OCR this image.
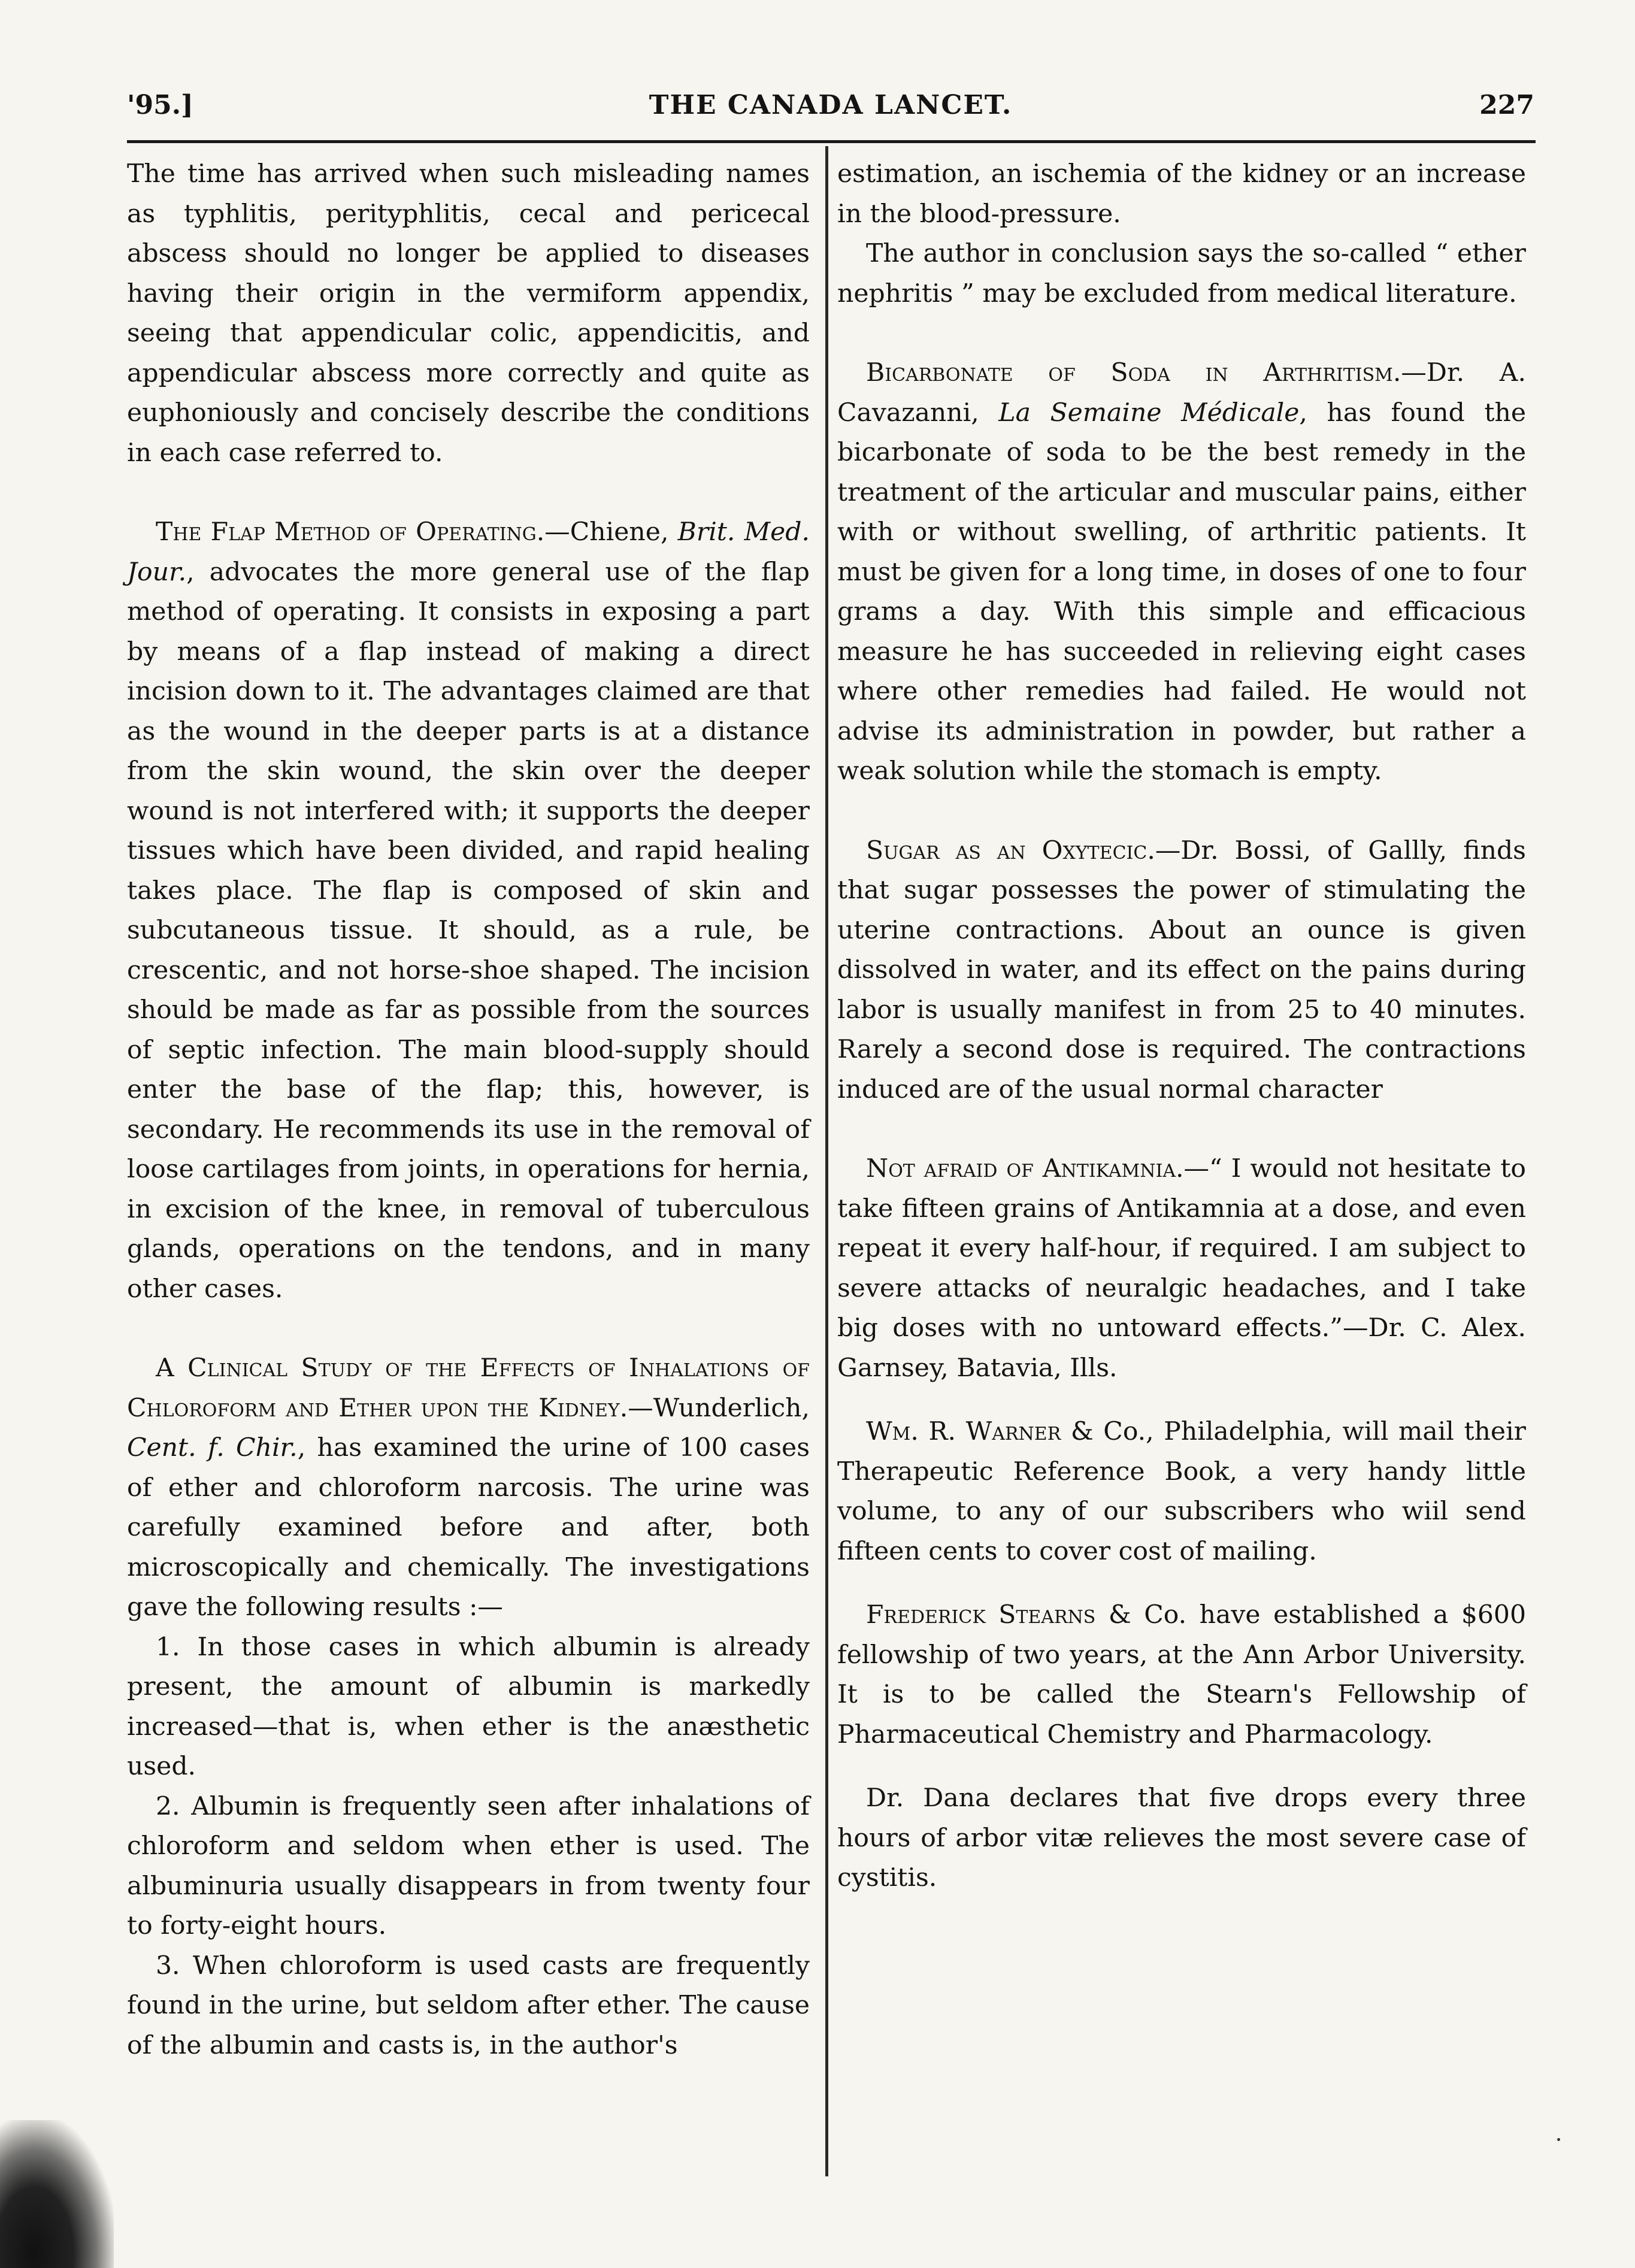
'95.]	THE CANADA LANCET.	227

The time has arrived when such misleading names as typhlitis, perityphlitis, cecal and pericecal abscess should no longer be applied to diseases having their origin in the vermiform appendix, seeing that appendicular colic, appendicitis, and appendicular abscess more correctly and quite as euphoniously and concisely describe the conditions in each case referred to.

The Flap Method of Operating.—Chiene, Brit. Med. Jour., advocates the more general use of the flap method of operating. It consists in exposing a part by means of a flap instead of making a direct incision down to it. The advantages claimed are that as the wound in the deeper parts is at a distance from the skin wound, the skin over the deeper wound is not interfered with; it supports the deeper tissues which have been divided, and rapid healing takes place. The flap is composed of skin and subcutaneous tissue. It should, as a rule, be crescentic, and not horse-shoe shaped. The incision should be made as far as possible from the sources of septic infection. The main blood-supply should enter the base of the flap; this, however, is secondary. He recommends its use in the removal of loose cartilages from joints, in operations for hernia, in excision of the knee, in removal of tuberculous glands, operations on the tendons, and in many other cases.

A Clinical Study of the Effects of Inhalations of Chloroform and Ether upon the Kidney.—Wunderlich, Cent. f. Chir., has examined the urine of 100 cases of ether and chloroform narcosis. The urine was carefully examined before and after, both microscopically and chemically. The investigations gave the following results :—

1. In those cases in which albumin is already present, the amount of albumin is markedly increased—that is, when ether is the anæsthetic used.

2. Albumin is frequently seen after inhalations of chloroform and seldom when ether is used. The albuminuria usually disappears in from twenty four to forty-eight hours.

3. When chloroform is used casts are frequently found in the urine, but seldom after ether. The cause of the albumin and casts is, in the author's

estimation, an ischemia of the kidney or an increase in the blood-pressure.

The author in conclusion says the so-called “ ether nephritis ” may be excluded from medical literature.

Bicarbonate of Soda in Arthritism.—Dr. A. Cavazanni, La Semaine Médicale, has found the bicarbonate of soda to be the best remedy in the treatment of the articular and muscular pains, either with or without swelling, of arthritic patients. It must be given for a long time, in doses of one to four grams a day. With this simple and efficacious measure he has succeeded in relieving eight cases where other remedies had failed. He would not advise its administration in powder, but rather a weak solution while the stomach is empty.

Sugar as an Oxytecic.—Dr. Bossi, of Gallly, finds that sugar possesses the power of stimulating the uterine contractions. About an ounce is given dissolved in water, and its effect on the pains during labor is usually manifest in from 25 to 40 minutes. Rarely a second dose is required. The contractions induced are of the usual normal character

Not afraid of Antikamnia.—“ I would not hesitate to take fifteen grains of Antikamnia at a dose, and even repeat it every half-hour, if required. I am subject to severe attacks of neuralgic headaches, and I take big doses with no untoward effects.”—Dr. C. Alex. Garnsey, Batavia, Ills.

Wm. R. Warner & Co., Philadelphia, will mail their Therapeutic Reference Book, a very handy little volume, to any of our subscribers who wiil send fifteen cents to cover cost of mailing.

Frederick Stearns & Co. have established a $600 fellowship of two years, at the Ann Arbor University. It is to be called the Stearn's Fellowship of Pharmaceutical Chemistry and Pharmacology.

Dr. Dana declares that five drops every three hours of arbor vitæ relieves the most severe case of cystitis.
